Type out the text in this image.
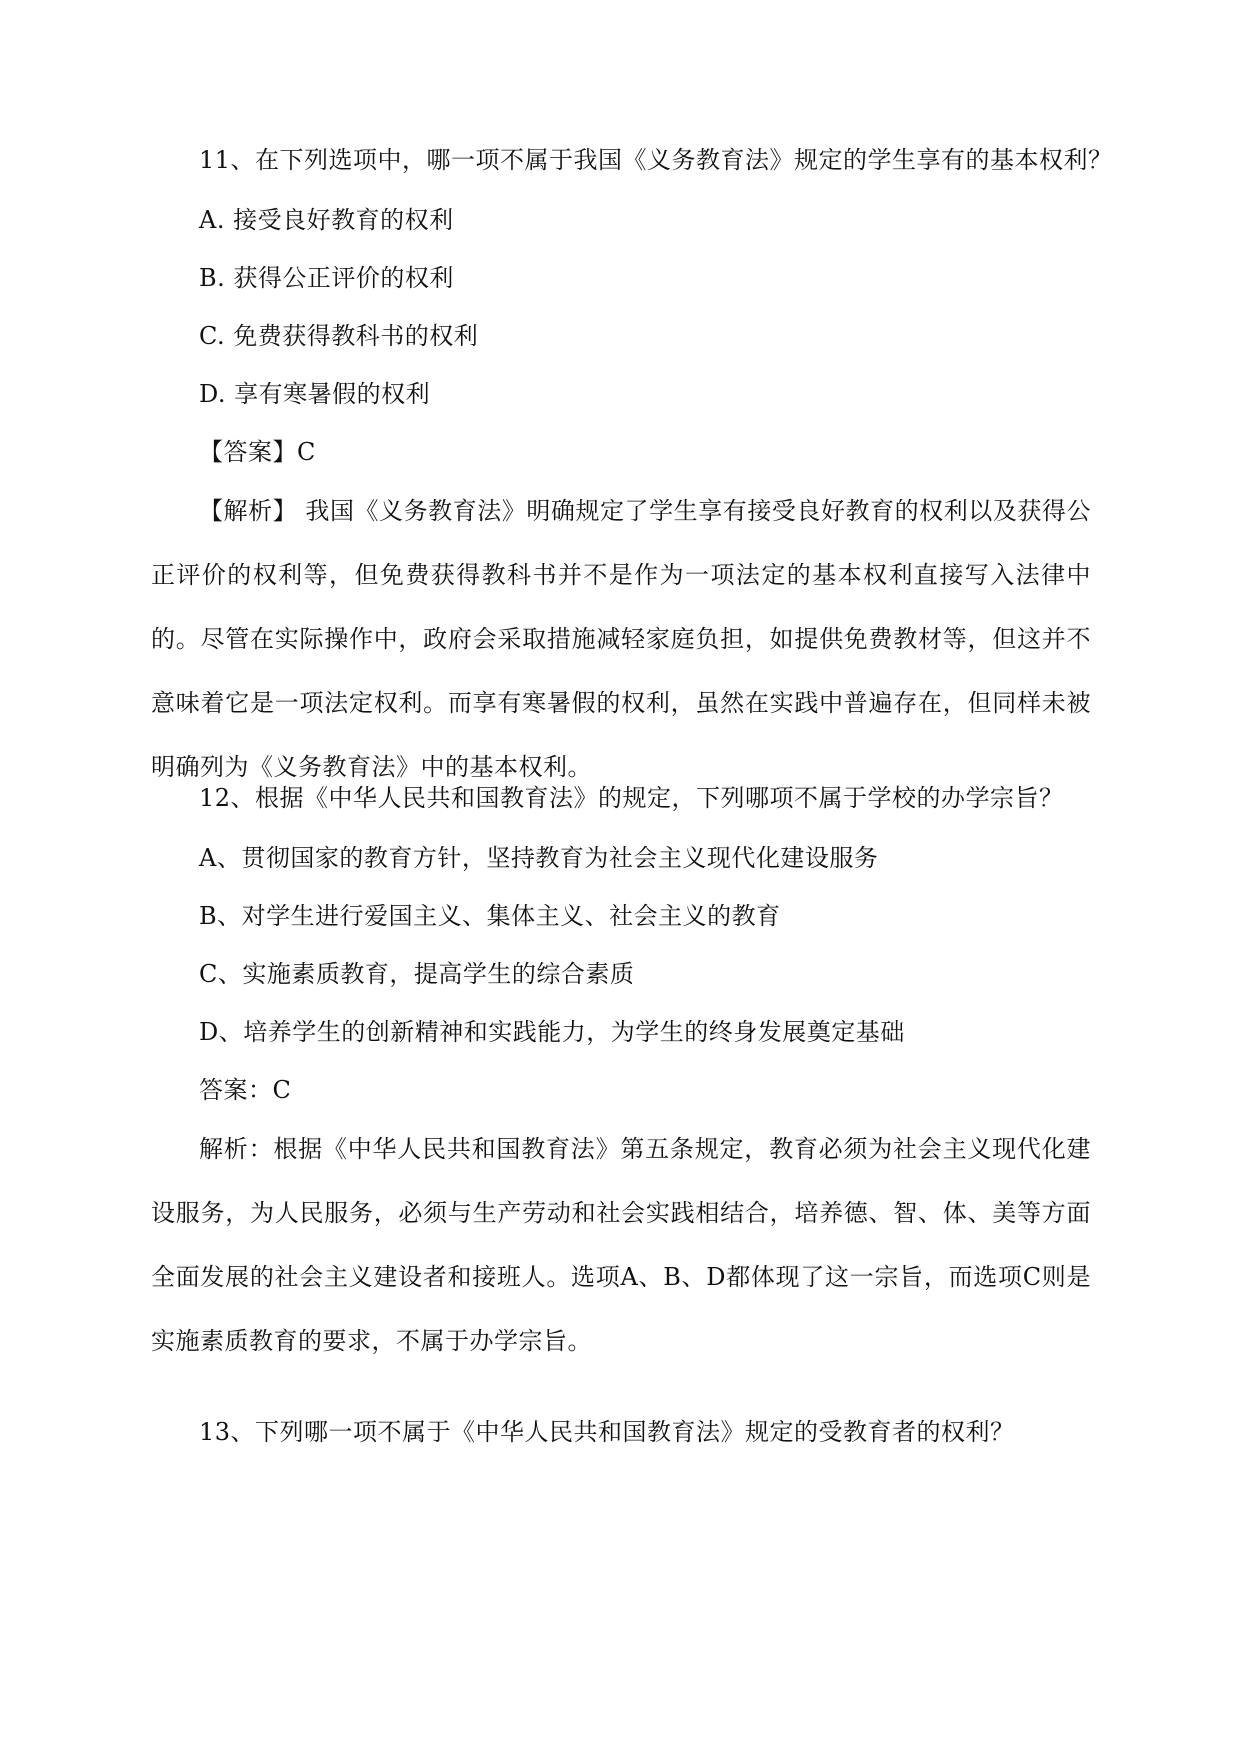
11、在下列选项中，哪一项不属于我国《义务教育法》规定的学生享有的基本权利？
A. 接受良好教育的权利
B. 获得公正评价的权利
C. 免费获得教科书的权利
D. 享有寒暑假的权利
【答案】C
【解析】 我国《义务教育法》明确规定了学生享有接受良好教育的权利以及获得公正评价的权利等，但免费获得教科书并不是作为一项法定的基本权利直接写入法律中的。尽管在实际操作中，政府会采取措施减轻家庭负担，如提供免费教材等，但这并不意味着它是一项法定权利。而享有寒暑假的权利，虽然在实践中普遍存在，但同样未被明确列为《义务教育法》中的基本权利。
12、根据《中华人民共和国教育法》的规定，下列哪项不属于学校的办学宗旨？
A、贯彻国家的教育方针，坚持教育为社会主义现代化建设服务
B、对学生进行爱国主义、集体主义、社会主义的教育
C、实施素质教育，提高学生的综合素质
D、培养学生的创新精神和实践能力，为学生的终身发展奠定基础
答案：C
解析：根据《中华人民共和国教育法》第五条规定，教育必须为社会主义现代化建设服务，为人民服务，必须与生产劳动和社会实践相结合，培养德、智、体、美等方面全面发展的社会主义建设者和接班人。选项A、B、D都体现了这一宗旨，而选项C则是实施素质教育的要求，不属于办学宗旨。
13、下列哪一项不属于《中华人民共和国教育法》规定的受教育者的权利？
